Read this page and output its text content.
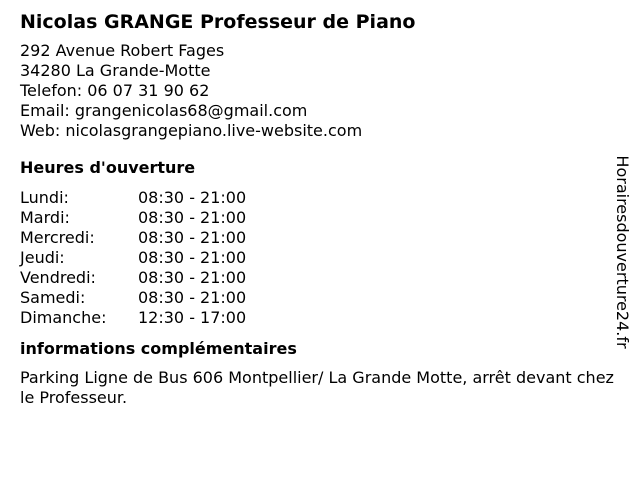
Nicolas GRANGE Professeur de Piano
292 Avenue Robert Fages
34280 La Grande-Motte
Telefon: 06 07 31 90 62
Email: grangenicolas68@gmail.com
Web: nicolasgrangepiano.live-website.com
Heures d'ouverture
Lundi:	08:30 - 21:00
Mardi:	08:30 - 21:00
Mercredi:	08:30 - 21:00
Jeudi:	08:30 - 21:00
Vendredi:	08:30 - 21:00
Samedi:	08:30 - 21:00
Dimanche:	12:30 - 17:00
informations complémentaires
Parking Ligne de Bus 606 Montpellier/ La Grande Motte, arrêt devant chez le Professeur.
Horairesdouverture24.fr
